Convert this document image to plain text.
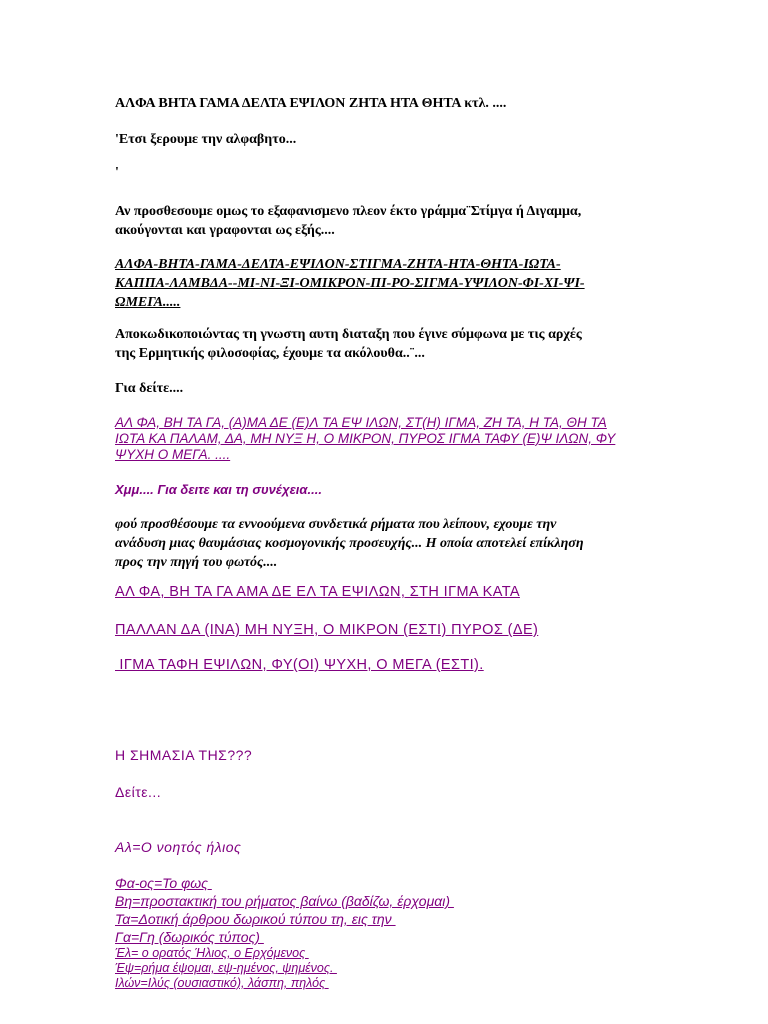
ΑΛΦΑ ΒΗΤΑ ΓΑΜΑ ΔΕΛΤΑ ΕΨΙΛΟΝ ΖΗΤΑ ΗΤΑ ΘΗΤΑ κτλ. ....

'Ετσι ξερουμε την αλφαβητο...

'

Αν προσθεσουμε ομως το εξαφανισμενο πλεον έκτο γράμμα¨Στίμγα ή Διγαμμα,
ακούγονται και γραφονται ως εξής....

ΑΛΦΑ-ΒΗΤΑ-ΓΑΜΑ-ΔΕΛΤΑ-ΕΨΙΛΟΝ-ΣΤΙΓΜΑ-ΖΗΤΑ-ΗΤΑ-ΘΗΤΑ-ΙΩΤΑ-
ΚΑΠΠΑ-ΛΑΜΒΔΑ--ΜΙ-ΝΙ-ΞΙ-ΟΜΙΚΡΟΝ-ΠΙ-ΡΟ-ΣΙΓΜΑ-ΥΨΙΛΟΝ-ΦΙ-ΧΙ-ΨΙ-
ΩΜΕΓΑ.....

Αποκωδικοποιώντας τη γνωστη αυτη διαταξη που έγινε σύμφωνα με τις αρχές
της Ερμητικής φιλοσοφίας, έχουμε τα ακόλουθα..¨...

Για δείτε....

ΑΛ ΦΑ, ΒΗ ΤΑ ΓΑ, (Α)ΜΑ ΔΕ (Ε)Λ ΤΑ ΕΨ ΙΛΩΝ, ΣΤ(Η) ΙΓΜΑ, ΖΗ ΤΑ, Η ΤΑ, ΘΗ ΤΑ
ΙΩΤΑ ΚΑ ΠΑΛΑΜ, ΔΑ, ΜΗ ΝΥΞ Η, Ο ΜΙΚΡΟΝ, ΠΥΡΟΣ ΙΓΜΑ ΤΑΦΥ (Ε)Ψ ΙΛΩΝ, ΦΥ
ΨΥΧΗ Ο ΜΕΓΑ. ....

Χμμ.... Για δειτε και τη συνέχεια....

φού προσθέσουμε τα εννοούμενα συνδετικά ρήματα που λείπουν, εχουμε την
ανάδυση μιας θαυμάσιας κοσμογονικής προσευχής... Η οποία αποτελεί επίκληση
προς την πηγή του φωτός....

ΑΛ ΦΑ, ΒΗ ΤΑ ΓΑ ΑΜΑ ΔΕ ΕΛ ΤΑ ΕΨΙΛΩΝ, ΣΤΗ ΙΓΜΑ ΚΑΤΑ

ΠΑΛΛΑΝ ΔΑ (ΙΝΑ) ΜΗ ΝΥΞΗ, Ο ΜΙΚΡΟΝ (ΕΣΤΙ) ΠΥΡΟΣ (ΔΕ)

ΙΓΜΑ ΤΑΦΗ ΕΨΙΛΩΝ, ΦΥ(ΟΙ) ΨΥΧΗ, Ο ΜΕΓΑ (ΕΣΤΙ).

Η ΣΗΜΑΣΙΑ ΤΗΣ???

Δείτε...

Αλ=Ο νοητός ήλιος

Φα-ος=Το φως
Βη=προστακτική του ρήματος βαίνω (βαδίζω, έρχομαι)
Τα=Δοτική άρθρου δωρικού τύπου τη, εις την
Γα=Γη (δωρικός τύπος)
Έλ= ο ορατός Ήλιος, ο Ερχόμενος
Έψ=ρήμα έψομαι, εψ-ημένος, ψημένος.
Ιλών=Ιλύς (ουσιαστικό), λάσπη, πηλός
